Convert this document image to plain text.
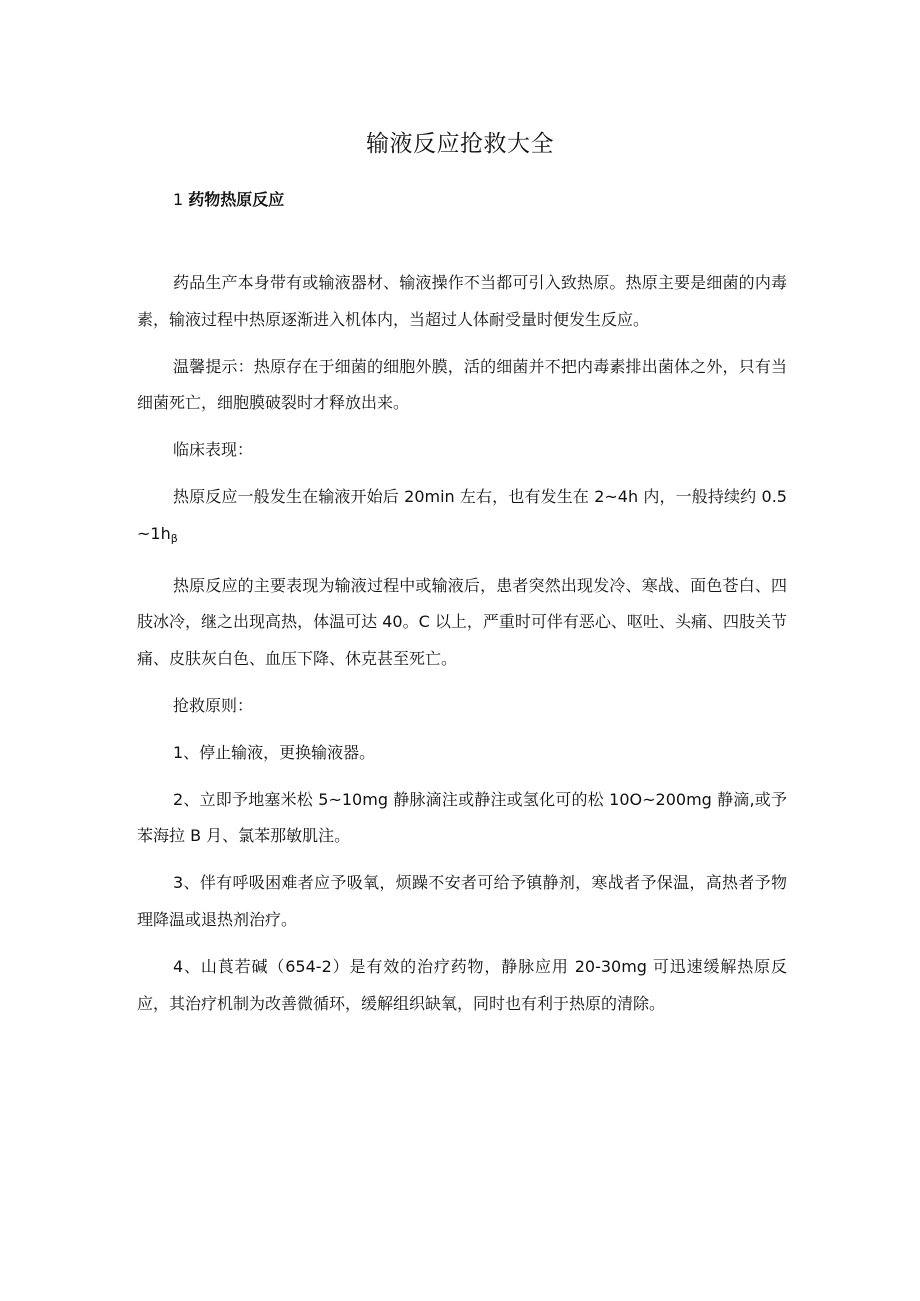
输液反应抢救大全
1 药物热原反应

药品生产本身带有或输液器材、输液操作不当都可引入致热原。热原主要是细菌的内毒素，输液过程中热原逐渐进入机体内，当超过人体耐受量时便发生反应。

温馨提示：热原存在于细菌的细胞外膜，活的细菌并不把内毒素排出菌体之外，只有当细菌死亡，细胞膜破裂时才释放出来。

临床表现：

热原反应一般发生在输液开始后 20min 左右，也有发生在 2~4h 内，一般持续约 $0.5\sim 1h_\beta$

热原反应的主要表现为输液过程中或输液后，患者突然出现发冷、寒战、面色苍白、四肢冰冷，继之出现高热，体温可达 40。C 以上，严重时可伴有恶心、呕吐、头痛、四肢关节痛、皮肤灰白色、血压下降、休克甚至死亡。

抢救原则：

1、停止输液，更换输液器。

2、立即予地塞米松 5~10mg 静脉滴注或静注或氢化可的松 10O~200mg 静滴,或予苯海拉 B 月、氯苯那敏肌注。

3、伴有呼吸困难者应予吸氧，烦躁不安者可给予镇静剂，寒战者予保温，高热者予物理降温或退热剂治疗。

4、山莨若碱（654-2）是有效的治疗药物，静脉应用 20-30mg 可迅速缓解热原反应，其治疗机制为改善微循环，缓解组织缺氧，同时也有利于热原的清除。
